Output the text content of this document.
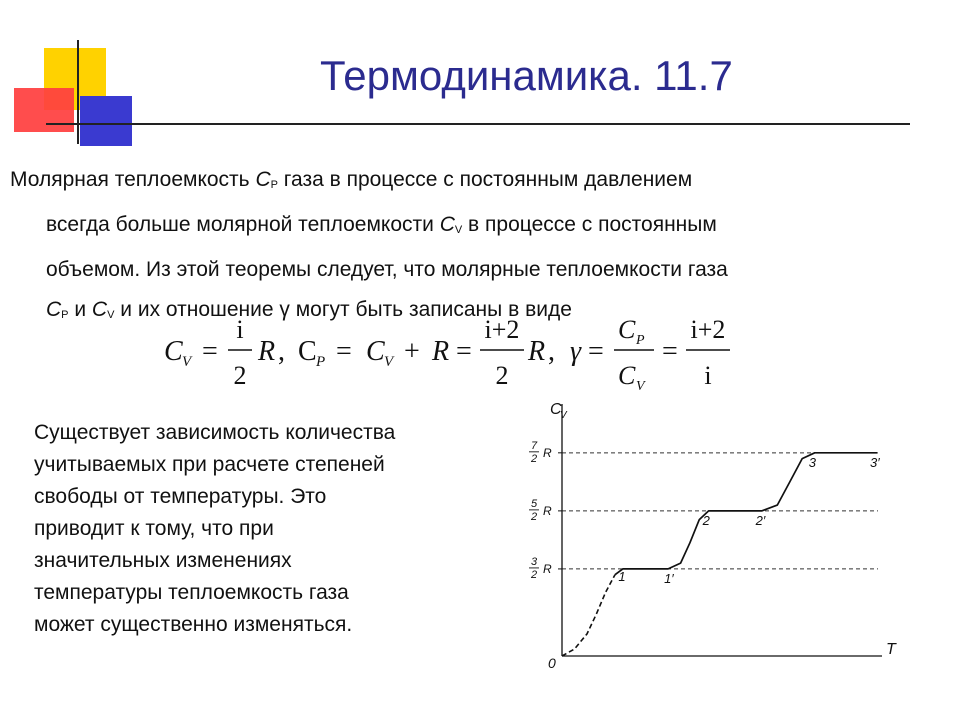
Термодинамика. 11.7
Молярная теплоемкость $C_P$ газа в процессе с постоянным давлением
всегда больше молярной теплоемкости $C_V$ в процессе с постоянным
объемом. Из этой теоремы следует, что молярные теплоемкости газа
$C_P$ и $C_V$ и их отношение γ могут быть записаны в виде
C V =
i
2
R , C P = C V + R =
i+2
2
R , γ =
C P
C V
=
i+2
i
Существует зависимость количества
учитываемых при расчете степеней
свободы от температуры. Это
приводит к тому, что при
значительных изменениях
температуры теплоемкость газа
может существенно изменяться.
3
2 R
5
2 R
7
2 R
1	1′
2	2′
3	3′
C
V
T
0
